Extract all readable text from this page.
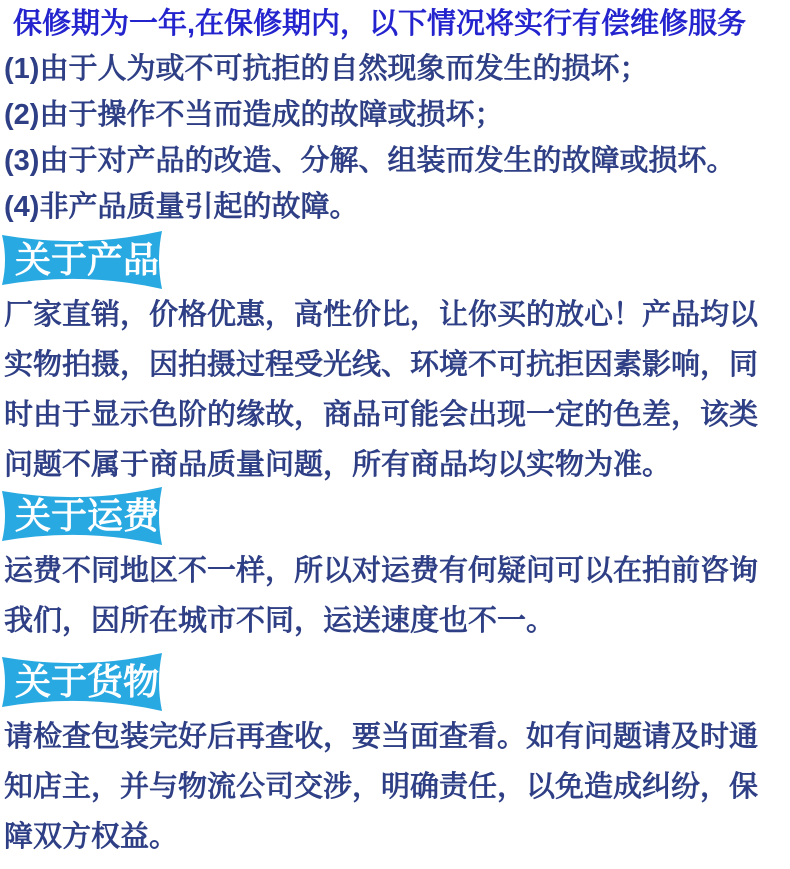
保修期为一年,在保修期内，以下情况将实行有偿维修服务

(1)由于人为或不可抗拒的自然现象而发生的损坏；

(2)由于操作不当而造成的故障或损坏；

(3)由于对产品的改造、分解、组装而发生的故障或损坏。

(4)非产品质量引起的故障。

关于产品

厂家直销，价格优惠，高性价比，让你买的放心！产品均以

实物拍摄，因拍摄过程受光线、环境不可抗拒因素影响，同

时由于显示色阶的缘故，商品可能会出现一定的色差，该类

问题不属于商品质量问题，所有商品均以实物为准。

关于运费

运费不同地区不一样，所以对运费有何疑问可以在拍前咨询

我们，因所在城市不同，运送速度也不一。

关于货物

请检查包装完好后再查收，要当面查看。如有问题请及时通

知店主，并与物流公司交涉，明确责任，以免造成纠纷，保

障双方权益。
